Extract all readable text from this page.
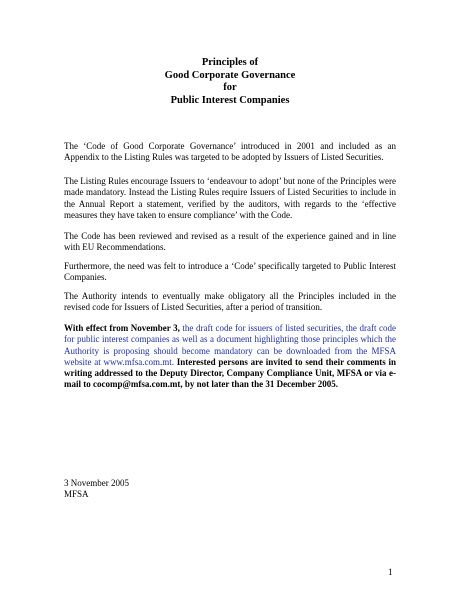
Principles of
Good Corporate Governance
for
Public Interest Companies

The ‘Code of Good Corporate Governance’ introduced in 2001 and included as an Appendix to the Listing Rules was targeted to be adopted by Issuers of Listed Securities.

The Listing Rules encourage Issuers to ‘endeavour to adopt’ but none of the Principles were made mandatory. Instead the Listing Rules require Issuers of Listed Securities to include in the Annual Report a statement, verified by the auditors, with regards to the ‘effective measures they have taken to ensure compliance’ with the Code.

The Code has been reviewed and revised as a result of the experience gained and in line with EU Recommendations.

Furthermore, the need was felt to introduce a ‘Code’ specifically targeted to Public Interest Companies.

The Authority intends to eventually make obligatory all the Principles included in the revised code for Issuers of Listed Securities, after a period of transition.

With effect from November 3, the draft code for issuers of listed securities, the draft code for public interest companies as well as a document highlighting those principles which the Authority is proposing should become mandatory can be downloaded from the MFSA website at www.mfsa.com.mt. Interested persons are invited to send their comments in writing addressed to the Deputy Director, Company Compliance Unit, MFSA or via e-mail to cocomp@mfsa.com.mt, by not later than the 31 December 2005.

3 November 2005
MFSA
1
